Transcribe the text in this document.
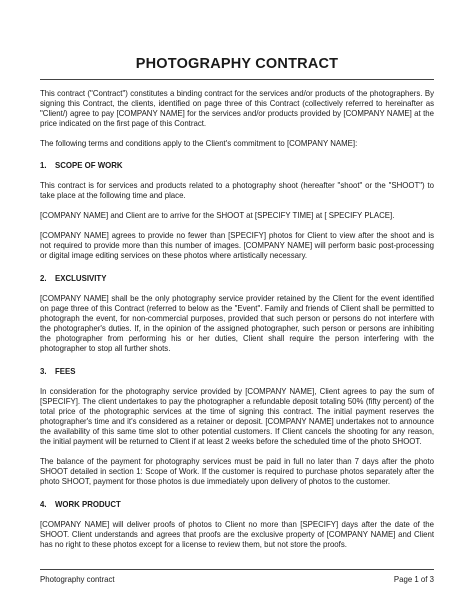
PHOTOGRAPHY CONTRACT

This contract ("Contract") constitutes a binding contract for the services and/or products of the photographers. By signing this Contract, the clients, identified on page three of this Contract (collectively referred to hereinafter as "Client/) agree to pay [COMPANY NAME] for the services and/or products provided by [COMPANY NAME] at the price indicated on the first page of this Contract.

The following terms and conditions apply to the Client's commitment to [COMPANY NAME]:

1. SCOPE OF WORK

This contract is for services and products related to a photography shoot (hereafter "shoot" or the "SHOOT") to take place at the following time and place.

[COMPANY NAME] and Client are to arrive for the SHOOT at [SPECIFY TIME] at [ SPECIFY PLACE].

[COMPANY NAME] agrees to provide no fewer than [SPECIFY] photos for Client to view after the shoot and is not required to provide more than this number of images. [COMPANY NAME] will perform basic post-processing or digital image editing services on these photos where artistically necessary.

2. EXCLUSIVITY

[COMPANY NAME] shall be the only photography service provider retained by the Client for the event identified on page three of this Contract (referred to below as the "Event". Family and friends of Client shall be permitted to photograph the event, for non-commercial purposes, provided that such person or persons do not interfere with the photographer's duties. If, in the opinion of the assigned photographer, such person or persons are inhibiting the photographer from performing his or her duties, Client shall require the person interfering with the photographer to stop all further shots.

3. FEES

In consideration for the photography service provided by [COMPANY NAME], Client agrees to pay the sum of [SPECIFY]. The client undertakes to pay the photographer a refundable deposit totaling 50% (fifty percent) of the total price of the photographic services at the time of signing this contract. The initial payment reserves the photographer's time and it's considered as a retainer or deposit. [COMPANY NAME] undertakes not to announce the availability of this same time slot to other potential customers. If Client cancels the shooting for any reason, the initial payment will be returned to Client if at least 2 weeks before the scheduled time of the photo SHOOT.

The balance of the payment for photography services must be paid in full no later than 7 days after the photo SHOOT detailed in section 1: Scope of Work. If the customer is required to purchase photos separately after the photo SHOOT, payment for those photos is due immediately upon delivery of photos to the customer.

4. WORK PRODUCT

[COMPANY NAME] will deliver proofs of photos to Client no more than [SPECIFY] days after the date of the SHOOT. Client understands and agrees that proofs are the exclusive property of [COMPANY NAME] and Client has no right to these photos except for a license to review them, but not store the proofs.

Photography contract	Page 1 of 3
